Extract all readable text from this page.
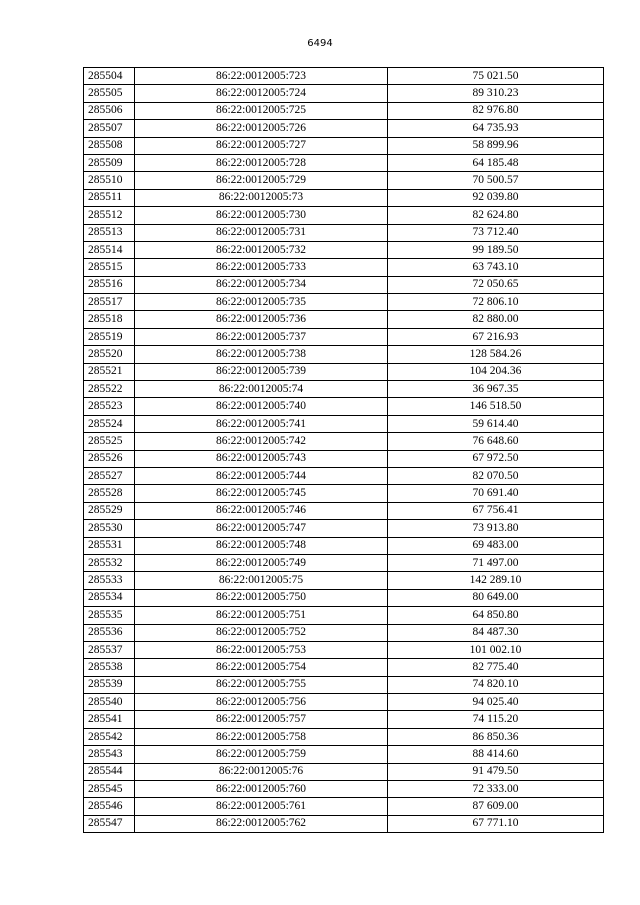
6494
285504	86:22:0012005:723	75 021.50
285505	86:22:0012005:724	89 310.23
285506	86:22:0012005:725	82 976.80
285507	86:22:0012005:726	64 735.93
285508	86:22:0012005:727	58 899.96
285509	86:22:0012005:728	64 185.48
285510	86:22:0012005:729	70 500.57
285511	86:22:0012005:73	92 039.80
285512	86:22:0012005:730	82 624.80
285513	86:22:0012005:731	73 712.40
285514	86:22:0012005:732	99 189.50
285515	86:22:0012005:733	63 743.10
285516	86:22:0012005:734	72 050.65
285517	86:22:0012005:735	72 806.10
285518	86:22:0012005:736	82 880.00
285519	86:22:0012005:737	67 216.93
285520	86:22:0012005:738	128 584.26
285521	86:22:0012005:739	104 204.36
285522	86:22:0012005:74	36 967.35
285523	86:22:0012005:740	146 518.50
285524	86:22:0012005:741	59 614.40
285525	86:22:0012005:742	76 648.60
285526	86:22:0012005:743	67 972.50
285527	86:22:0012005:744	82 070.50
285528	86:22:0012005:745	70 691.40
285529	86:22:0012005:746	67 756.41
285530	86:22:0012005:747	73 913.80
285531	86:22:0012005:748	69 483.00
285532	86:22:0012005:749	71 497.00
285533	86:22:0012005:75	142 289.10
285534	86:22:0012005:750	80 649.00
285535	86:22:0012005:751	64 850.80
285536	86:22:0012005:752	84 487.30
285537	86:22:0012005:753	101 002.10
285538	86:22:0012005:754	82 775.40
285539	86:22:0012005:755	74 820.10
285540	86:22:0012005:756	94 025.40
285541	86:22:0012005:757	74 115.20
285542	86:22:0012005:758	86 850.36
285543	86:22:0012005:759	88 414.60
285544	86:22:0012005:76	91 479.50
285545	86:22:0012005:760	72 333.00
285546	86:22:0012005:761	87 609.00
285547	86:22:0012005:762	67 771.10
